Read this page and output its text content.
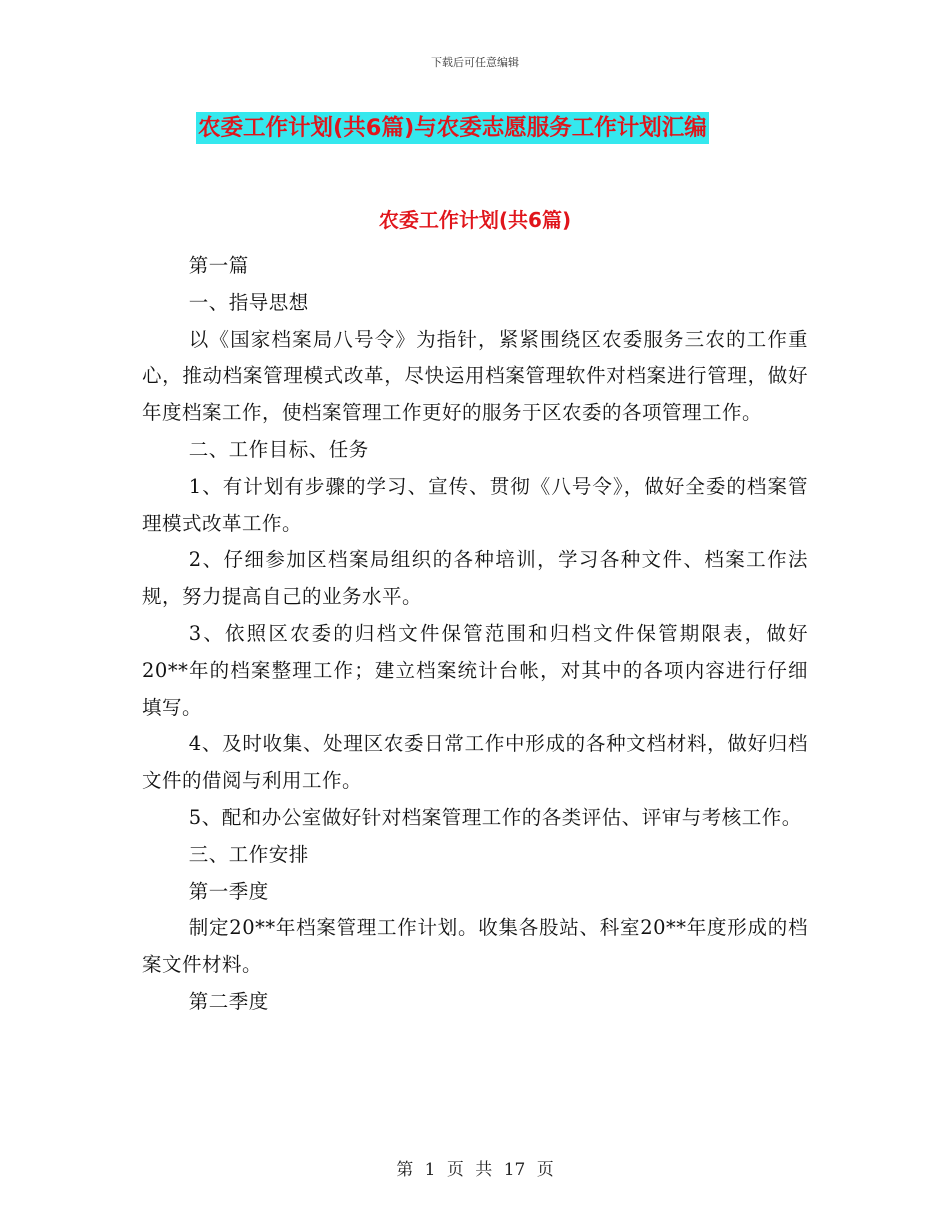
下载后可任意编辑
农委工作计划(共6篇)与农委志愿服务工作计划汇编
农委工作计划(共6篇)

第一篇

一、指导思想

以《国家档案局八号令》为指针，紧紧围绕区农委服务三农的工作重心，推动档案管理模式改革，尽快运用档案管理软件对档案进行管理，做好年度档案工作，使档案管理工作更好的服务于区农委的各项管理工作。

二、工作目标、任务

1、有计划有步骤的学习、宣传、贯彻《八号令》，做好全委的档案管理模式改革工作。

2、仔细参加区档案局组织的各种培训，学习各种文件、档案工作法规，努力提高自己的业务水平。

3、依照区农委的归档文件保管范围和归档文件保管期限表，做好20**年的档案整理工作；建立档案统计台帐，对其中的各项内容进行仔细填写。

4、及时收集、处理区农委日常工作中形成的各种文档材料，做好归档文件的借阅与利用工作。

5、配和办公室做好针对档案管理工作的各类评估、评审与考核工作。

三、工作安排

第一季度

制定20**年档案管理工作计划。收集各股站、科室20**年度形成的档案文件材料。

第二季度

第 1 页 共 17 页
